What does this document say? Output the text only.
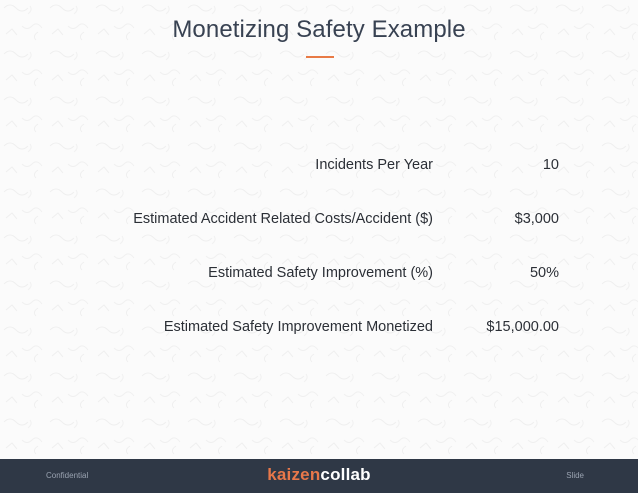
Monetizing Safety Example
Incidents Per Year	10
Estimated Accident Related Costs/Accident ($)	$3,000
Estimated Safety Improvement (%)	50%
Estimated Safety Improvement Monetized	$15,000.00
Confidential	kaizencollab	Slide
